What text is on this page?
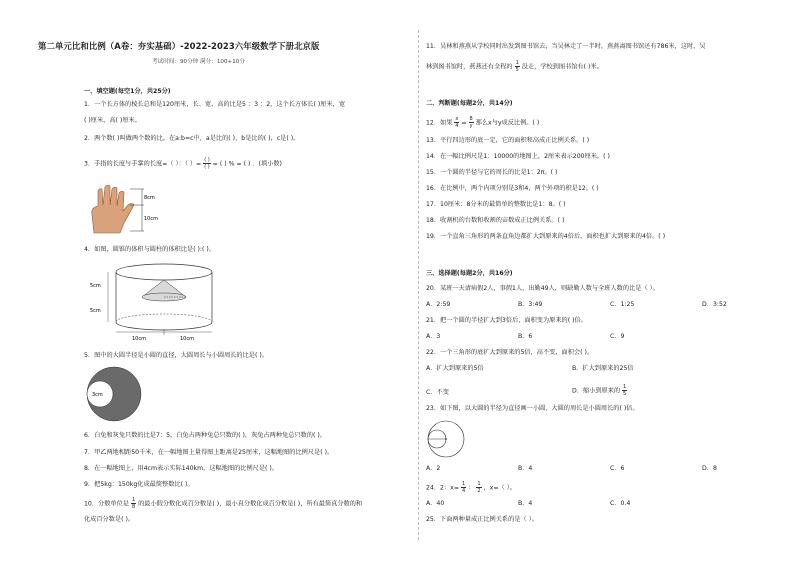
第二单元比和比例（A卷：夯实基础）-2022-2023六年级数学下册北京版
考试时间：90分钟 满分：100+10分
一、填空题(每空1分，共25分)
1．一个长方体的棱长总和是120厘米，长、宽、高的比是5 ：3 ：2，这个长方体长( )厘米，宽
( )厘米，高( )厘米。
2．两个数( )叫做两个数的比。在a:b=c中，a是比的( )，b是比的( )，c是( )。
3．手指的长度与手掌的长度=（ ）：（ ）= $\frac{( )}{( )}$ = ( ) % = ( ) ．(填小数)
8cm
10cm
4．如图，圆锥的体积与圆柱的体积比是( ):( )。
5cm
5cm
10cm	10cm
5．图中的大圆半径是小圆的直径，大圆周长与小圆周长的比是( )。
3cm
6．白兔和灰兔只数的比是7：5，白兔占两种兔总只数的( )，灰兔占两种兔总只数的( )。
7．甲乙两地相距50千米，在一幅地图上量得图上距离是25厘米，这幅地图的比例尺是( )。
8．在一幅地图上，用4cm表示实际140km，这幅地图的比例尺是( )。
9．把5kg：150kg化成最简整数比( )。
10．分数单位是 $\frac{1}{8}$ 的最小假分数化成百分数是( )，最小真分数化成百分数是( )，所有最简真分数的和
化成百分数是( )。
11．吴林和燕燕从学校同时出发到图书馆去，当吴林走了一半时，燕燕离图书馆还有786米，这时，吴
林到图书馆时，燕燕还有全程的 $\frac{1}{5}$ 没走，学校到图书馆有( )米。
二、判断题(每题2分，共14分)
12．如果 $\frac{x}{4} = \frac{8}{y}$ 那么x与y成反比例。( )
13．平行四边形的底一定，它的面积和高成正比例关系。( )
14．在一幅比例尺是1：10000的地图上，2厘米表示200厘米。( )
15．一个圆的半径与它的周长的比是1：2π。( )
16．在比例中，两个内项分别是3和4，两个外项的积是12。( )
17．10厘米：8分米的最简单的整数比是1：8。( )
18．收割机的台数和收割的亩数成正比例关系。( )
19．一个直角三角形的两条直角边都扩大到原来的4倍后，面积也扩大到原来的4倍。( )
三、选择题(每题2分，共16分)
20．某班一天请病假2人，事假1人，出勤49人，则缺勤人数与全班人数的比是（ ）。
A．2:59	B．3:49	C．1:25	D．3:52
21．把一个圆的半径扩大到3倍后，面积变为原来的( )倍。
A．3	B．6	C．9
22．一个三角形的底扩大到原来的5倍，高不变，面积会( )。
A．扩大到原来的5倍	B．扩大到原来的25倍
C．不变	D．缩小到原来的 $\frac{1}{5}$
23．如下图，以大圆的半径为直径画一小圆，大圆的周长是小圆周长的( )倍。
A．2	B．4	C．6	D．8
24．2：$x= \frac{1}{4}$ ： $\frac{1}{2}$ ，x=（ ）。
A．40	B．4	C．0.4
25．下面两种量成正比例关系的是（ ）。
